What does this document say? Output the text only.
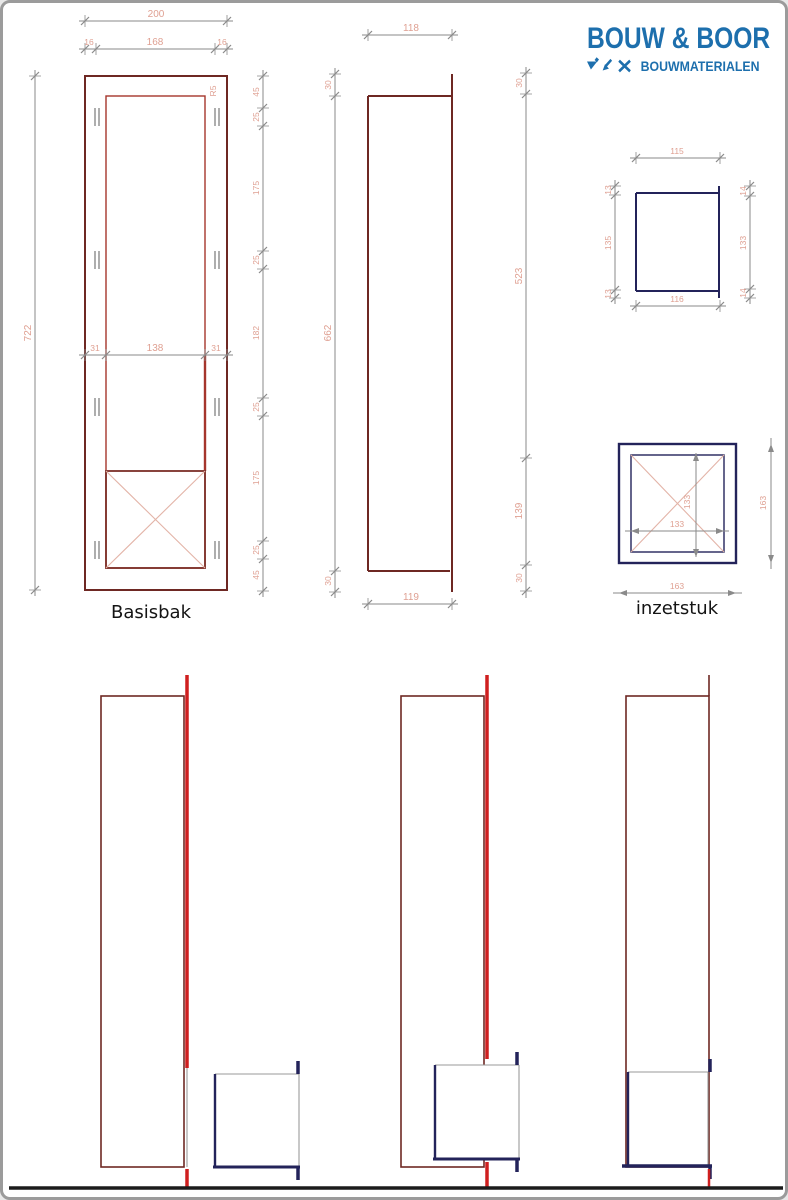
200
16	168	16
722
45
25
175
25
182
25
175
25
45
31	138	31
R5
Basisbak
118
119
30
662
30
30
523
139
30
115
116
13
135
13
14
133
14
133
133
163
163
inzetstuk
BOUW & BOOR
BOUWMATERIALEN
